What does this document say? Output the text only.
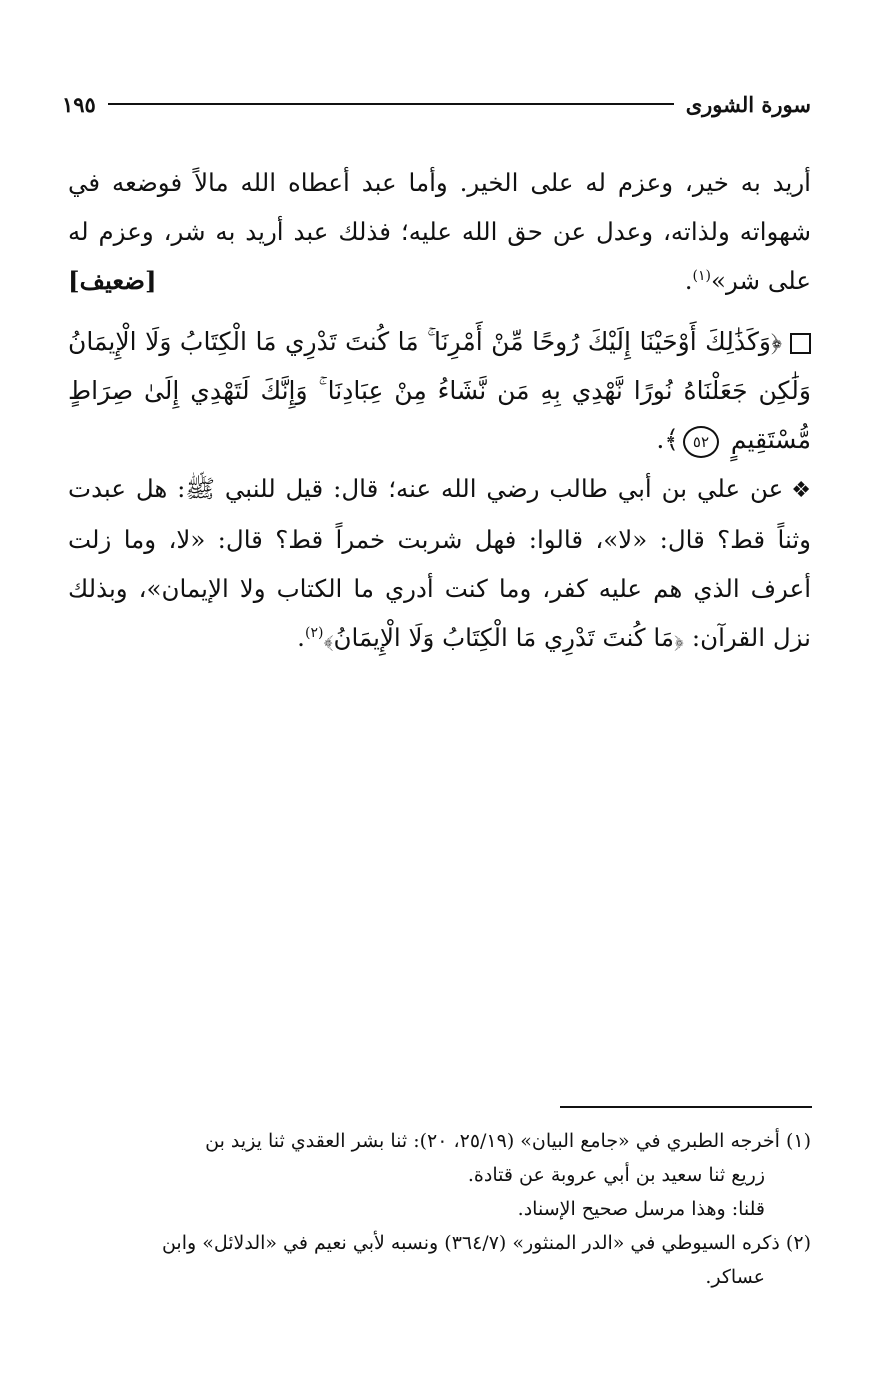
سورة الشورى
١٩٥

أريد به خير، وعزم له على الخير. وأما عبد أعطاه الله مالاً فوضعه في شهواته ولذاته، وعدل عن حق الله عليه؛ فذلك عبد أريد به شر، وعزم له على شر»$^{(١)}$.
[ضعيف]

﴿وَكَذَٰلِكَ أَوْحَيْنَا إِلَيْكَ رُوحًا مِّنْ أَمْرِنَا ۚ مَا كُنتَ تَدْرِي مَا الْكِتَابُ وَلَا الْإِيمَانُ وَلَٰكِن جَعَلْنَاهُ نُورًا نَّهْدِي بِهِ مَن نَّشَاءُ مِنْ عِبَادِنَا ۚ وَإِنَّكَ لَتَهْدِي إِلَىٰ صِرَاطٍ مُّسْتَقِيمٍ ٥٢﴾.

❖عن علي بن أبي طالب رضي الله عنه؛ قال: قيل للنبي ﷺ: هل عبدت وثناً قط؟ قال: «لا»، قالوا: فهل شربت خمراً قط؟ قال: «لا، وما زلت أعرف الذي هم عليه كفر، وما كنت أدري ما الكتاب ولا الإيمان»، وبذلك نزل القرآن: ﴿مَا كُنتَ تَدْرِي مَا الْكِتَابُ وَلَا الْإِيمَانُ﴾$^{(٢)}$.

(١) أخرجه الطبري في «جامع البيان» (٢٥/١٩، ٢٠): ثنا بشر العقدي ثنا يزيد بن
زريع ثنا سعيد بن أبي عروبة عن قتادة.
قلنا: وهذا مرسل صحيح الإسناد.

(٢) ذكره السيوطي في «الدر المنثور» (٣٦٤/٧) ونسبه لأبي نعيم في «الدلائل» وابن
عساكر.
